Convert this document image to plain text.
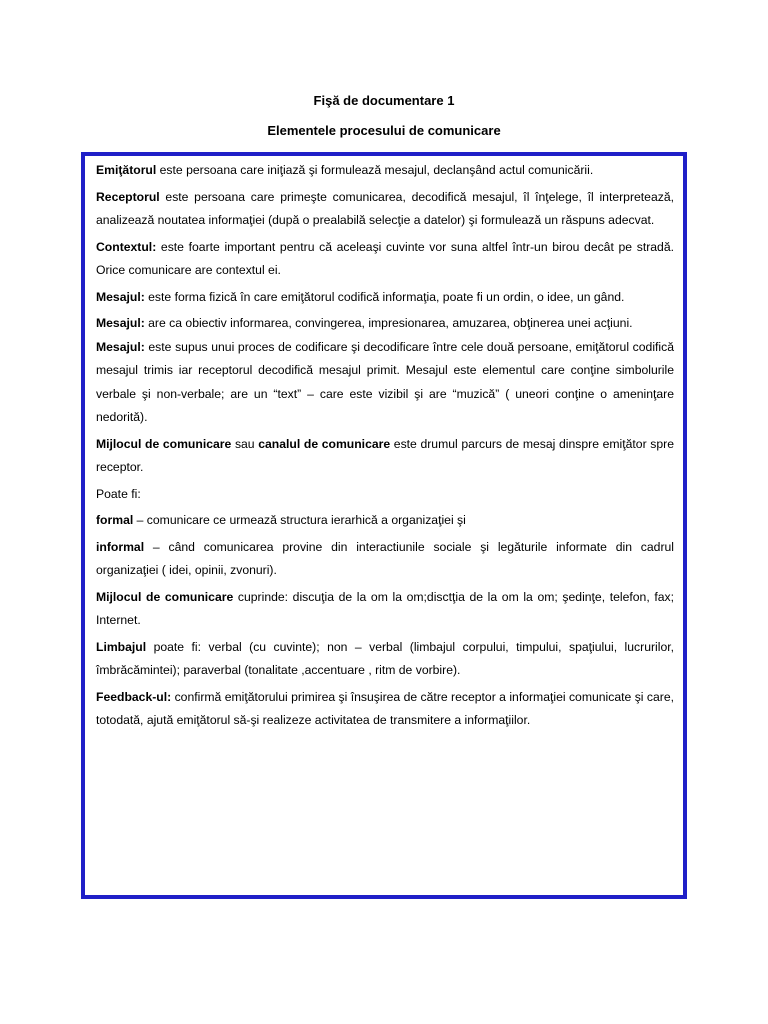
Fişă de documentare 1
Elementele procesului de comunicare

Emiţătorul este persoana care iniţiază şi formulează mesajul, declanşând actul comunicării.

Receptorul este persoana care primeşte comunicarea, decodifică mesajul, îl înţelege, îl interpretează, analizează noutatea informaţiei (după o prealabilă selecţie a datelor) şi formulează un răspuns adecvat.

Contextul: este foarte important pentru că aceleaşi cuvinte vor suna altfel într-un birou decât pe stradă. Orice comunicare are contextul ei.

Mesajul: este forma fizică în care emiţătorul codifică informaţia, poate fi un ordin, o idee, un gând.

Mesajul: are ca obiectiv informarea, convingerea, impresionarea, amuzarea, obţinerea unei acţiuni.

Mesajul: este supus unui proces de codificare şi decodificare între cele două persoane, emiţătorul codifică mesajul trimis iar receptorul decodifică mesajul primit. Mesajul este elementul care conţine simbolurile verbale şi non-verbale; are un “text” – care este vizibil şi are “muzică” ( uneori conţine o ameninţare nedorită).

Mijlocul de comunicare sau canalul de comunicare este drumul parcurs de mesaj dinspre emiţător spre receptor.

Poate fi:

formal – comunicare ce urmează structura ierarhică a organizaţiei şi

informal – când comunicarea provine din interactiunile sociale şi legăturile informate din cadrul organizaţiei ( idei, opinii, zvonuri).

Mijlocul de comunicare cuprinde: discuţia de la om la om;disctţia de la om la om; şedinţe, telefon, fax; Internet.

Limbajul poate fi: verbal (cu cuvinte); non – verbal (limbajul corpului, timpului, spaţiului, lucrurilor, îmbrăcămintei); paraverbal (tonalitate ,accentuare , ritm de vorbire).

Feedback-ul: confirmă emiţătorului primirea şi însuşirea de către receptor a informaţiei comunicate şi care, totodată, ajută emiţătorul să-şi realizeze activitatea de transmitere a informaţiilor.
